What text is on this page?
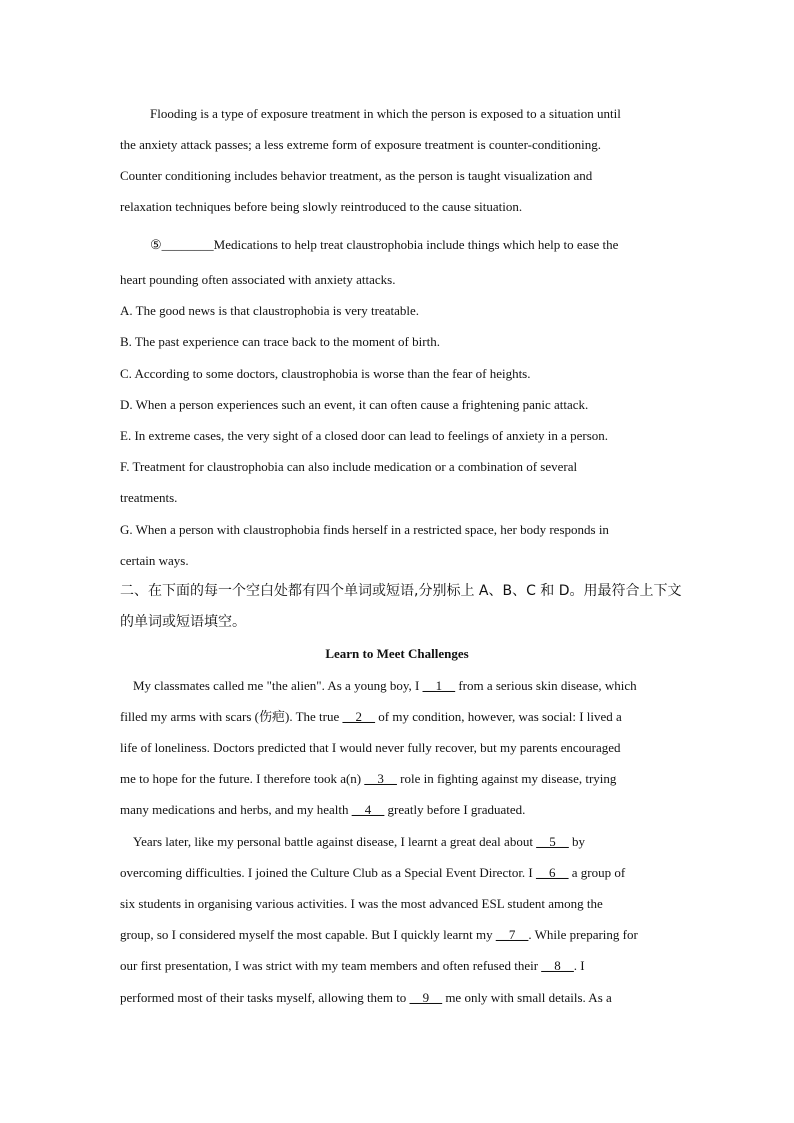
Flooding is a type of exposure treatment in which the person is exposed to a situation until
the anxiety attack passes; a less extreme form of exposure treatment is counter-conditioning.
Counter conditioning includes behavior treatment, as the person is taught visualization and
relaxation techniques before being slowly reintroduced to the cause situation.
⑤________Medications to help treat claustrophobia include things which help to ease the
heart pounding often associated with anxiety attacks.
A. The good news is that claustrophobia is very treatable.
B. The past experience can trace back to the moment of birth.
C. According to some doctors, claustrophobia is worse than the fear of heights.
D. When a person experiences such an event, it can often cause a frightening panic attack.
E. In extreme cases, the very sight of a closed door can lead to feelings of anxiety in a person.
F. Treatment for claustrophobia can also include medication or a combination of several
treatments.
G. When a person with claustrophobia finds herself in a restricted space, her body responds in
certain ways.
二、在下面的每一个空白处都有四个单词或短语,分别标上 A、B、C 和 D。用最符合上下文
的单词或短语填空。
Learn to Meet Challenges
My classmates called me "the alien". As a young boy, I __1__ from a serious skin disease, which
filled my arms with scars (伤疤). The true __2__ of my condition, however, was social: I lived a
life of loneliness. Doctors predicted that I would never fully recover, but my parents encouraged
me to hope for the future. I therefore took a(n) __3__ role in fighting against my disease, trying
many medications and herbs, and my health __4__ greatly before I graduated.
Years later, like my personal battle against disease, I learnt a great deal about __5__ by
overcoming difficulties. I joined the Culture Club as a Special Event Director. I __6__ a group of
six students in organising various activities. I was the most advanced ESL student among the
group, so I considered myself the most capable. But I quickly learnt my __7__. While preparing for
our first presentation, I was strict with my team members and often refused their __8__. I
performed most of their tasks myself, allowing them to __9__ me only with small details. As a
